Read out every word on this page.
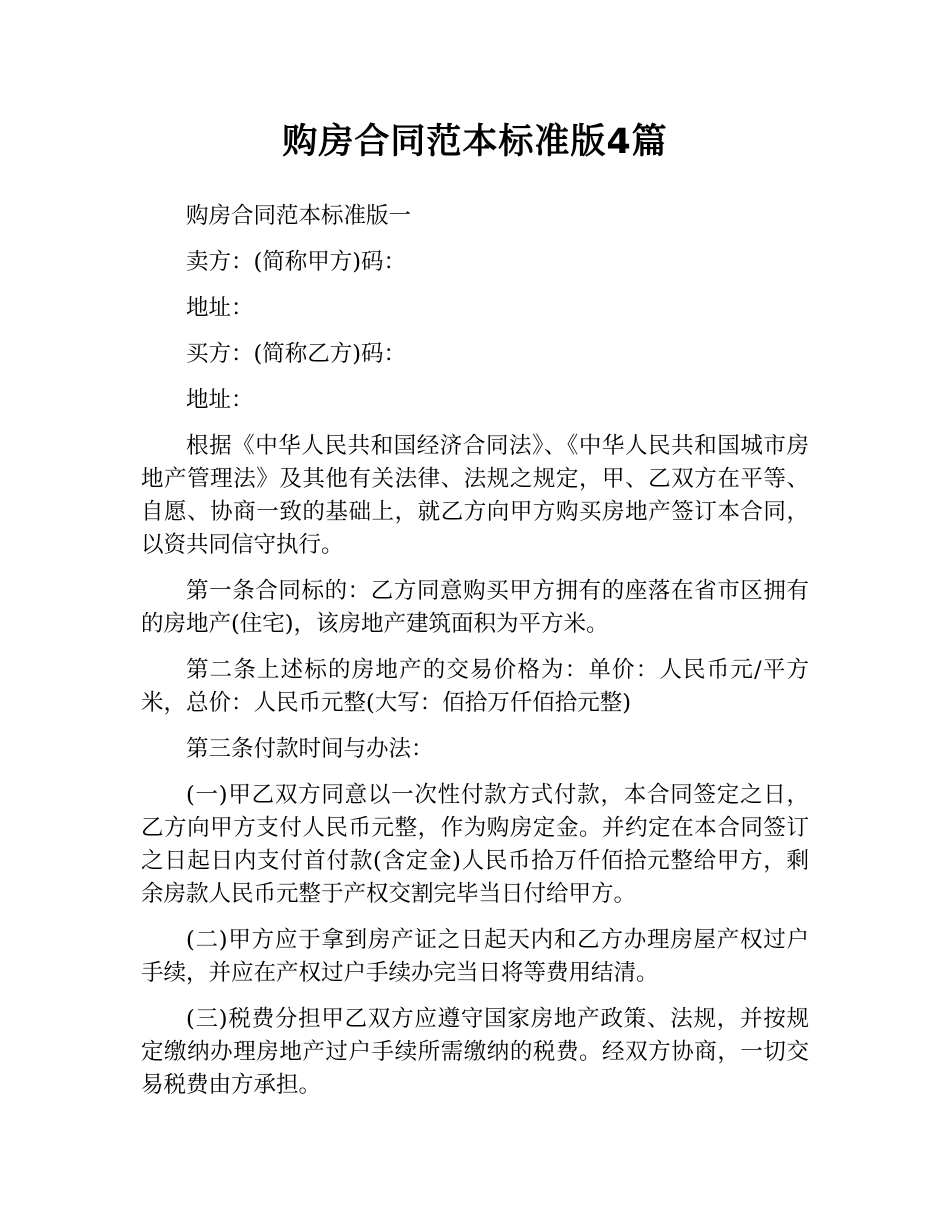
购房合同范本标准版4篇

购房合同范本标准版一

卖方：(简称甲方)码：

地址：

买方：(简称乙方)码：

地址：

根据《中华人民共和国经济合同法》、《中华人民共和国城市房地产管理法》及其他有关法律、法规之规定，甲、乙双方在平等、自愿、协商一致的基础上，就乙方向甲方购买房地产签订本合同，以资共同信守执行。

第一条合同标的：乙方同意购买甲方拥有的座落在省市区拥有的房地产(住宅)，该房地产建筑面积为平方米。

第二条上述标的房地产的交易价格为：单价：人民币元/平方米，总价：人民币元整(大写：佰拾万仟佰拾元整)

第三条付款时间与办法：

(一)甲乙双方同意以一次性付款方式付款，本合同签定之日，乙方向甲方支付人民币元整，作为购房定金。并约定在本合同签订之日起日内支付首付款(含定金)人民币拾万仟佰拾元整给甲方，剩余房款人民币元整于产权交割完毕当日付给甲方。

(二)甲方应于拿到房产证之日起天内和乙方办理房屋产权过户手续，并应在产权过户手续办完当日将等费用结清。

(三)税费分担甲乙双方应遵守国家房地产政策、法规，并按规定缴纳办理房地产过户手续所需缴纳的税费。经双方协商，一切交易税费由方承担。
